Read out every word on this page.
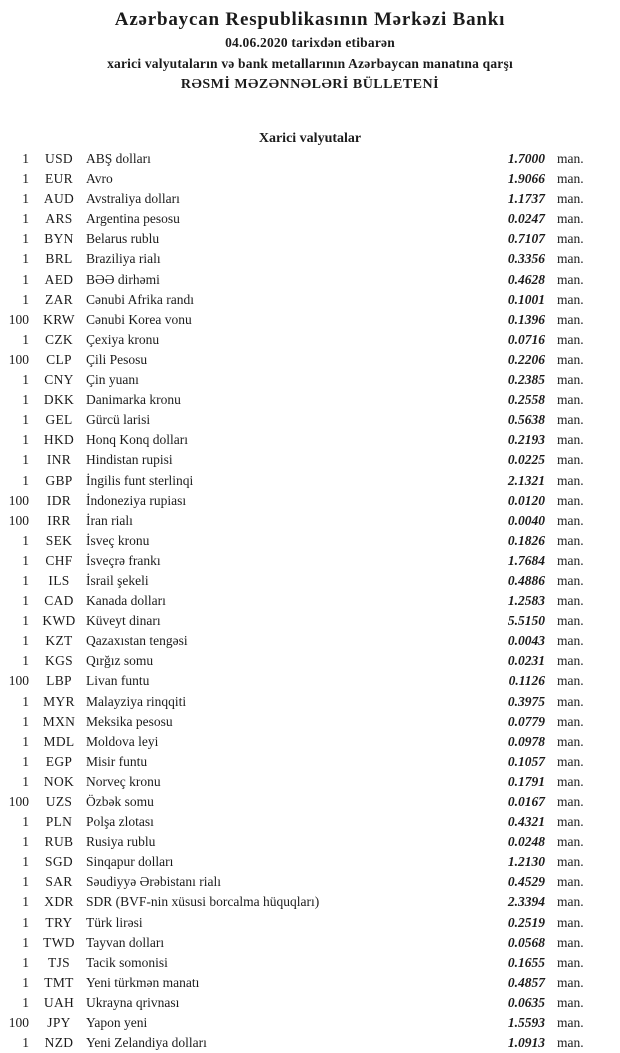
Azərbaycan Respublikasının Mərkəzi Bankı
04.06.2020 tarixdən etibarən
xarici valyutaların və bank metallarının Azərbaycan manatına qarşı
RƏSMİ MƏZƏNNƏLƏRİ BÜLLETENİ
Xarici valyutalar
1	USD ABŞ dolları	1.7000 man.
1	EUR Avro	1.9066 man.
1	AUD Avstraliya dolları	1.1737 man.
1	ARS Argentina pesosu	0.0247 man.
1	BYN Belarus rublu	0.7107 man.
1	BRL Braziliya rialı	0.3356 man.
1	AED BƏƏ dirhəmi	0.4628 man.
1	ZAR Cənubi Afrika randı	0.1001 man.
100	KRW Cənubi Korea vonu	0.1396 man.
1	CZK Çexiya kronu	0.0716 man.
100	CLP	Çili Pesosu	0.2206 man.
1	CNY Çin yuanı	0.2385 man.
1	DKK Danimarka kronu	0.2558 man.
1	GEL Gürcü larisi	0.5638 man.
1	HKD Honq Konq dolları	0.2193 man.
1	INR	Hindistan rupisi	0.0225 man.
1	GBP İngilis funt sterlinqi	2.1321 man.
100	IDR	İndoneziya rupiası	0.0120 man.
100	IRR	İran rialı	0.0040 man.
1	SEK	İsveç kronu	0.1826 man.
1	CHF İsveçrə frankı	1.7684 man.
1	ILS	İsrail şekeli	0.4886 man.
1	CAD Kanada dolları	1.2583 man.
1 KWD Küveyt dinarı	5.5150 man.
1	KZT Qazaxıstan tengəsi	0.0043 man.
1	KGS Qırğız somu	0.0231 man.
100	LBP	Livan funtu	0.1126 man.
1	MYR Malayziya rinqqiti	0.3975 man.
1	MXN Meksika pesosu	0.0779 man.
1	MDL Moldova leyi	0.0978 man.
1	EGP	Misir funtu	0.1057 man.
1	NOK Norveç kronu	0.1791 man.
100	UZS	Özbək somu	0.0167 man.
1	PLN	Polşa zlotası	0.4321 man.
1	RUB Rusiya rublu	0.0248 man.
1	SGD Sinqapur dolları	1.2130 man.
1	SAR Səudiyyə Ərəbistanı rialı	0.4529 man.
1	XDR SDR (BVF-nin xüsusi borcalma hüquqları)	2.3394 man.
1	TRY Türk lirəsi	0.2519 man.
1	TWD Tayvan dolları	0.0568 man.
1	TJS	Tacik somonisi	0.1655 man.
1	TMT Yeni türkmən manatı	0.4857 man.
1	UAH Ukrayna qrivnası	0.0635 man.
100	JPY	Yapon yeni	1.5593 man.
1	NZD Yeni Zelandiya dolları	1.0913 man.
